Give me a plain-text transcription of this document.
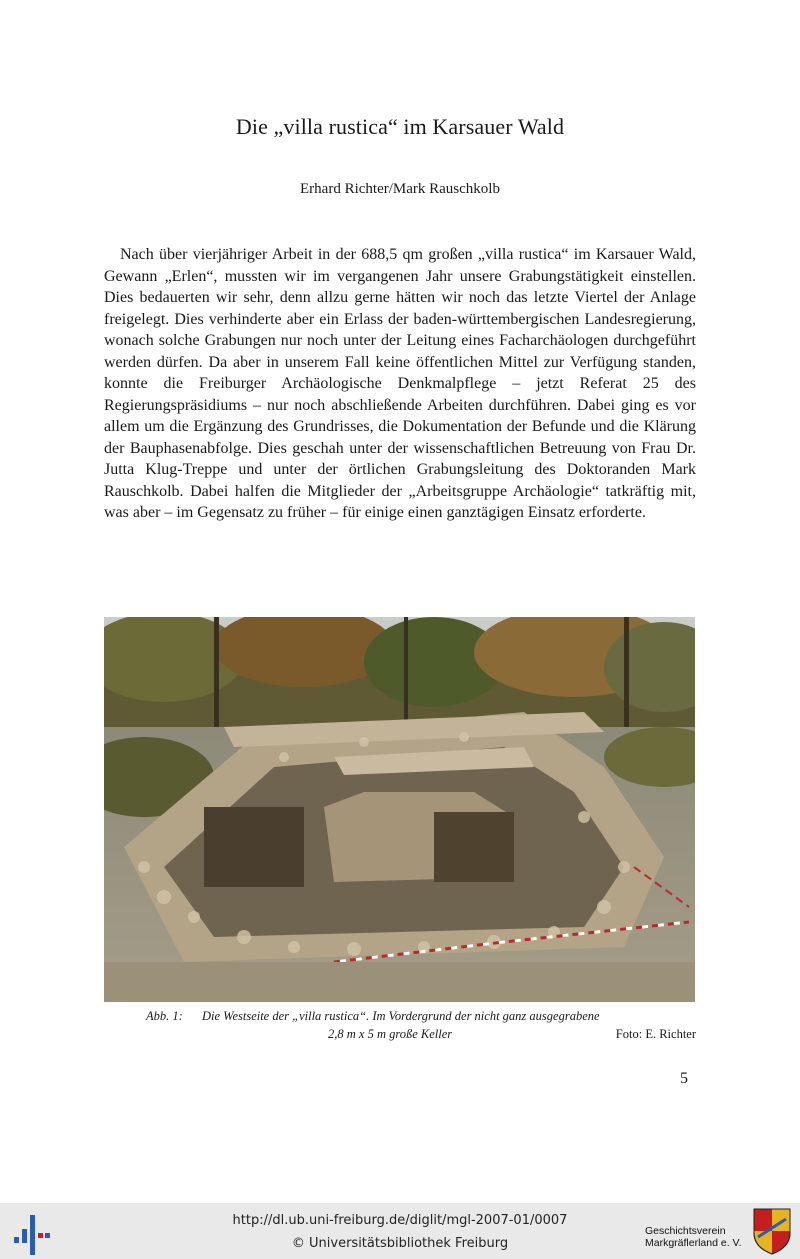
Die „villa rustica“ im Karsauer Wald
Erhard Richter/Mark Rauschkolb

Nach über vierjähriger Arbeit in der 688,5 qm großen „villa rustica“ im Karsauer Wald, Gewann „Erlen“, mussten wir im vergangenen Jahr unsere Grabungstätigkeit einstellen. Dies bedauerten wir sehr, denn allzu gerne hätten wir noch das letzte Viertel der Anlage freigelegt. Dies verhinderte aber ein Erlass der baden-württembergischen Landesregierung, wonach solche Grabungen nur noch unter der Leitung eines Facharchäologen durchgeführt werden dürfen. Da aber in unserem Fall keine öffentlichen Mittel zur Verfügung standen, konnte die Freiburger Archäologische Denkmalpflege – jetzt Referat 25 des Regierungspräsidiums – nur noch abschließende Arbeiten durchführen. Dabei ging es vor allem um die Ergänzung des Grundrisses, die Dokumentation der Befunde und die Klärung der Bauphasenabfolge. Dies geschah unter der wissenschaftlichen Betreuung von Frau Dr. Jutta Klug-Treppe und unter der örtlichen Grabungsleitung des Doktoranden Mark Rauschkolb. Dabei halfen die Mitglieder der „Arbeitsgruppe Archäologie“ tatkräftig mit, was aber – im Gegensatz zu früher – für einige einen ganztägigen Einsatz erforderte.

Abb. 1: Die Westseite der „villa rustica“. Im Vordergrund der nicht ganz ausgegrabene
2,8 m x 5 m große Keller	Foto: E. Richter
5
http://dl.ub.uni-freiburg.de/diglit/mgl-2007-01/0007
© Universitätsbibliothek Freiburg
Geschichtsverein
Markgräflerland e. V.
